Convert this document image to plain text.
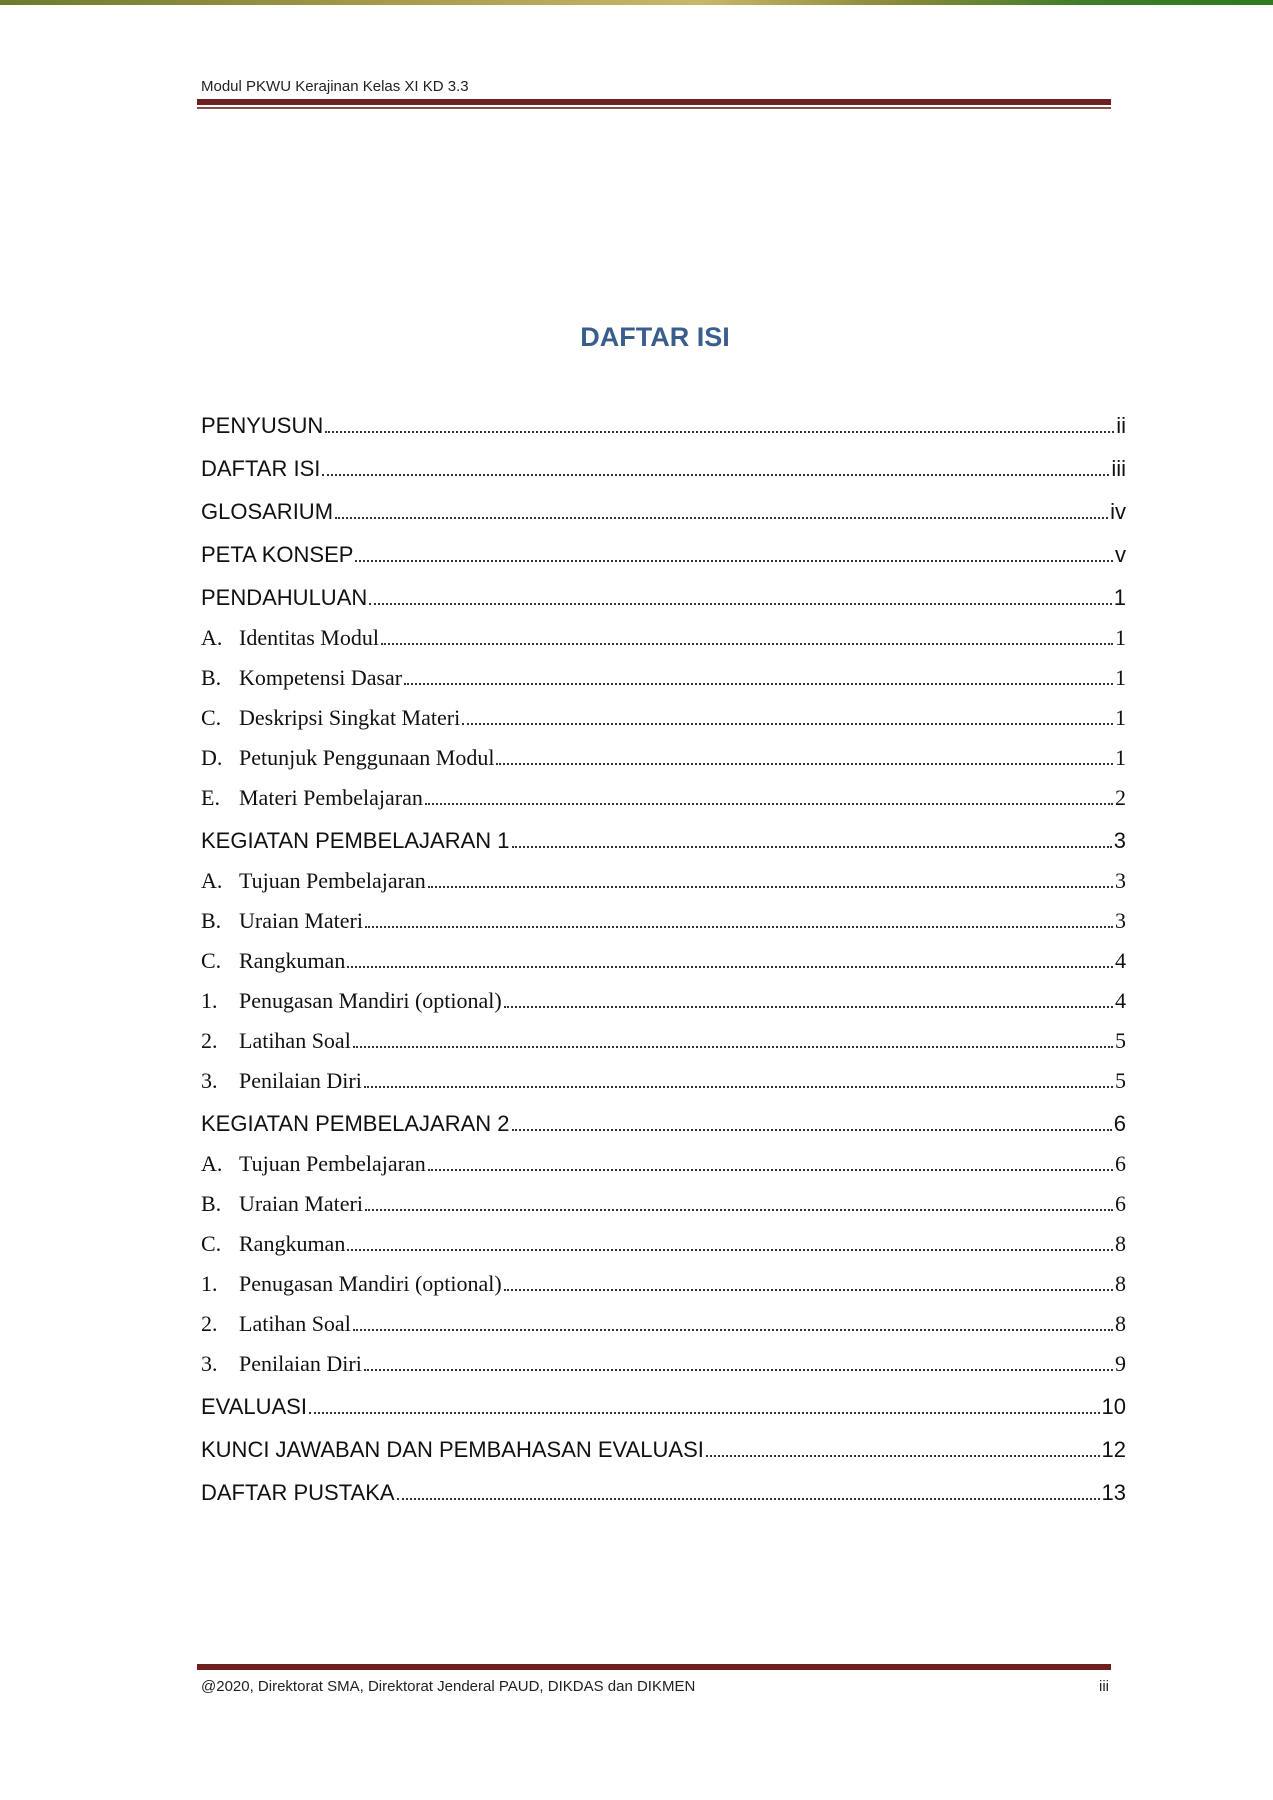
Modul PKWU Kerajinan Kelas XI KD 3.3
DAFTAR ISI
PENYUSUN	ii
DAFTAR ISI	iii
GLOSARIUM	iv
PETA KONSEP	v
PENDAHULUAN	1
A. Identitas Modul	1
B. Kompetensi Dasar	1
C. Deskripsi Singkat Materi	1
D. Petunjuk Penggunaan Modul	1
E. Materi Pembelajaran	2
KEGIATAN PEMBELAJARAN 1	3
A. Tujuan Pembelajaran	3
B. Uraian Materi	3
C. Rangkuman	4
1. Penugasan Mandiri (optional)	4
2. Latihan Soal	5
3. Penilaian Diri	5
KEGIATAN PEMBELAJARAN 2	6
A. Tujuan Pembelajaran	6
B. Uraian Materi	6
C. Rangkuman	8
1. Penugasan Mandiri (optional)	8
2. Latihan Soal	8
3. Penilaian Diri	9
EVALUASI	10
KUNCI JAWABAN DAN PEMBAHASAN EVALUASI	12
DAFTAR PUSTAKA	13
@2020, Direktorat SMA, Direktorat Jenderal PAUD, DIKDAS dan DIKMEN	iii
